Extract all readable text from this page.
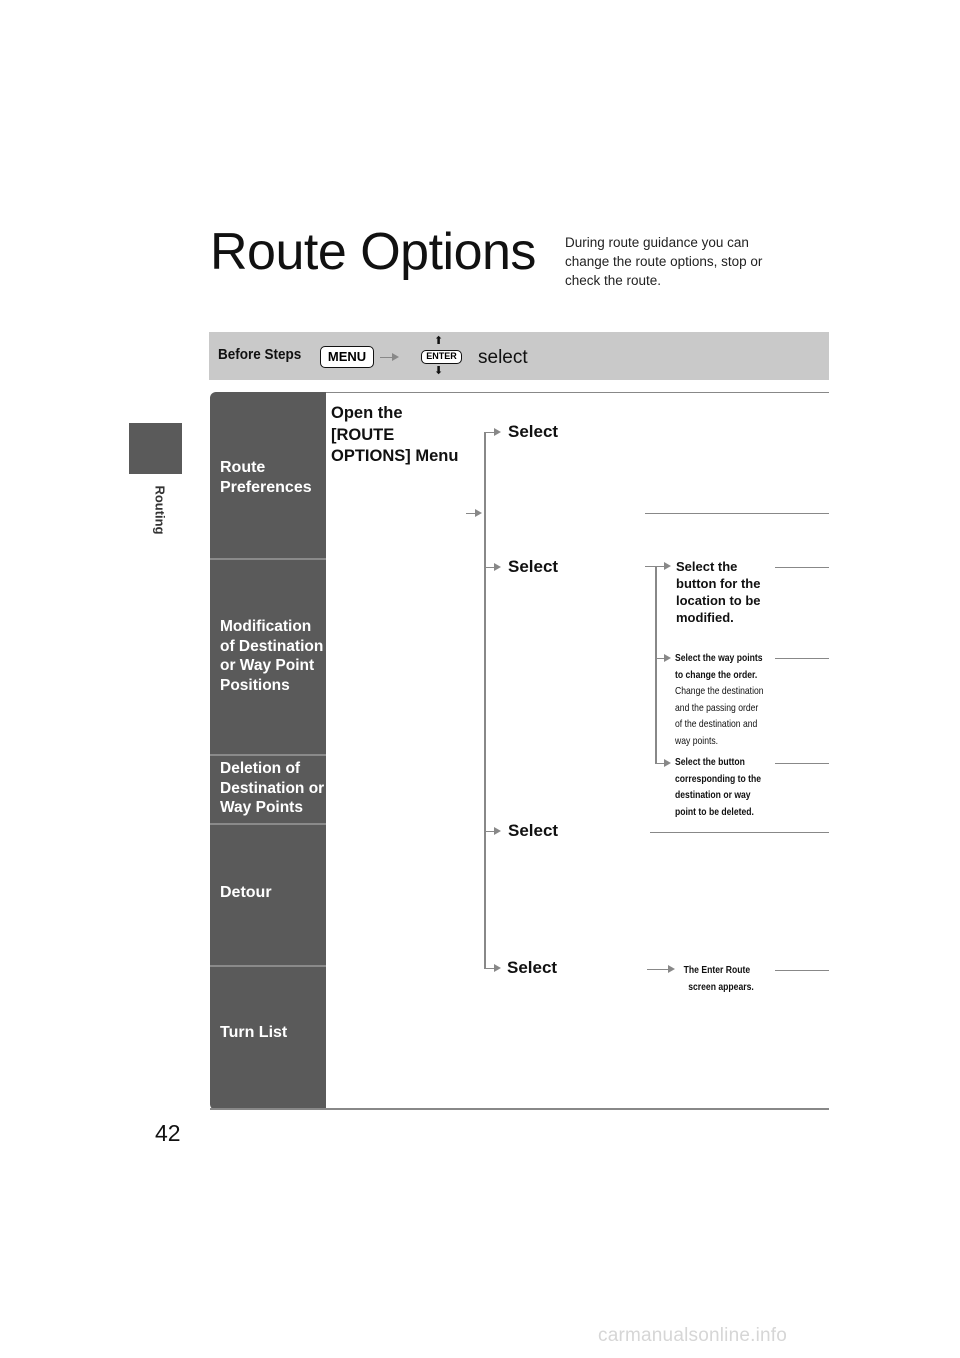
Routing
42
Route Options During route guidance you can change the route options, stop or check the route.
Before Steps	MENU
⬆
ENTER
⬇
select
Route
Preferences
Modification
of Destination
or Way Point
Positions
Deletion of
Destination or
Way Points
Detour
Turn List
Open the
[ROUTE
OPTIONS] Menu
Select
Select
Select
Select
Select the
button for the
location to be
modified.
Select the way points
to change the order.
Change the destination
and the passing order
of the destination and
way points.
Select the button
corresponding to the
destination or way
point to be deleted.
The Enter Route
screen appears.
carmanualsonline.info
